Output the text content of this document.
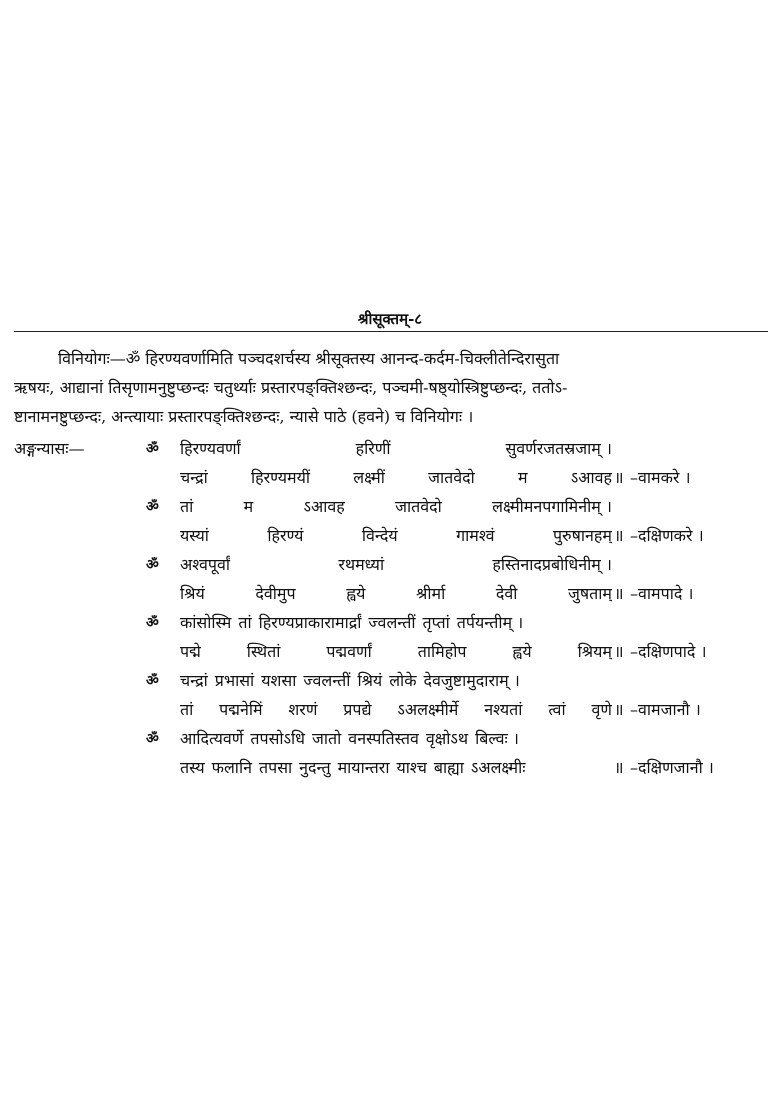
श्रीसूक्तम्-८

विनियोगः—ॐ हिरण्यवर्णामिति पञ्चदशर्चस्य श्रीसूक्तस्य आनन्द-कर्दम-चिक्लीतेन्दिरासुता

ऋषयः, आद्यानां तिसृणामनुष्टुप्छन्दः चतुर्थ्याः प्रस्तारपङ्क्तिश्छन्दः, पञ्चमी-षष्ठ्योस्त्रिष्टुप्छन्दः, ततोऽ-

ष्टानामनष्टुप्छन्दः, अन्त्यायाः प्रस्तारपङ्क्तिश्छन्दः, न्यासे पाठे (हवने) च विनियोगः ।

अङ्गन्यासः—	ॐ हिरण्यवर्णां	हरिणीं	सुवर्णरजतस्रजाम् ।
चन्द्रां	हिरण्यमयीं	लक्ष्मीं	जातवेदो	म	ऽआवह ॥ –वामकरे ।
ॐ तां	म	ऽआवह	जातवेदो	लक्ष्मीमनपगामिनीम् ।
यस्यां	हिरण्यं	विन्देयं	गामश्वं	पुरुषानहम् ॥ –दक्षिणकरे ।
ॐ अश्वपूर्वां	रथमध्यां	हस्तिनादप्रबोधिनीम् ।
श्रियं	देवीमुप	ह्वये	श्रीर्मा	देवी	जुषताम् ॥ –वामपादे ।
ॐ कांसोस्मि तां हिरण्यप्राकारामार्द्रां ज्वलन्तीं तृप्तां तर्पयन्तीम् ।
पद्मे	स्थितां	पद्मवर्णां	तामिहोप	ह्वये	श्रियम् ॥ –दक्षिणपादे ।
ॐ चन्द्रां प्रभासां यशसा ज्वलन्तीं श्रियं लोके देवजुष्टामुदाराम् ।
तां पद्मनेमिं शरणं प्रपद्ये ऽअलक्ष्मीर्मे नश्यतां त्वां वृणे ॥ –वामजानौ ।
ॐ आदित्यवर्णे तपसोऽधि जातो वनस्पतिस्तव वृक्षोऽथ बिल्वः ।
तस्य फलानि तपसा नुदन्तु मायान्तरा याश्च बाह्या ऽअलक्ष्मीः	॥ –दक्षिणजानौ ।
